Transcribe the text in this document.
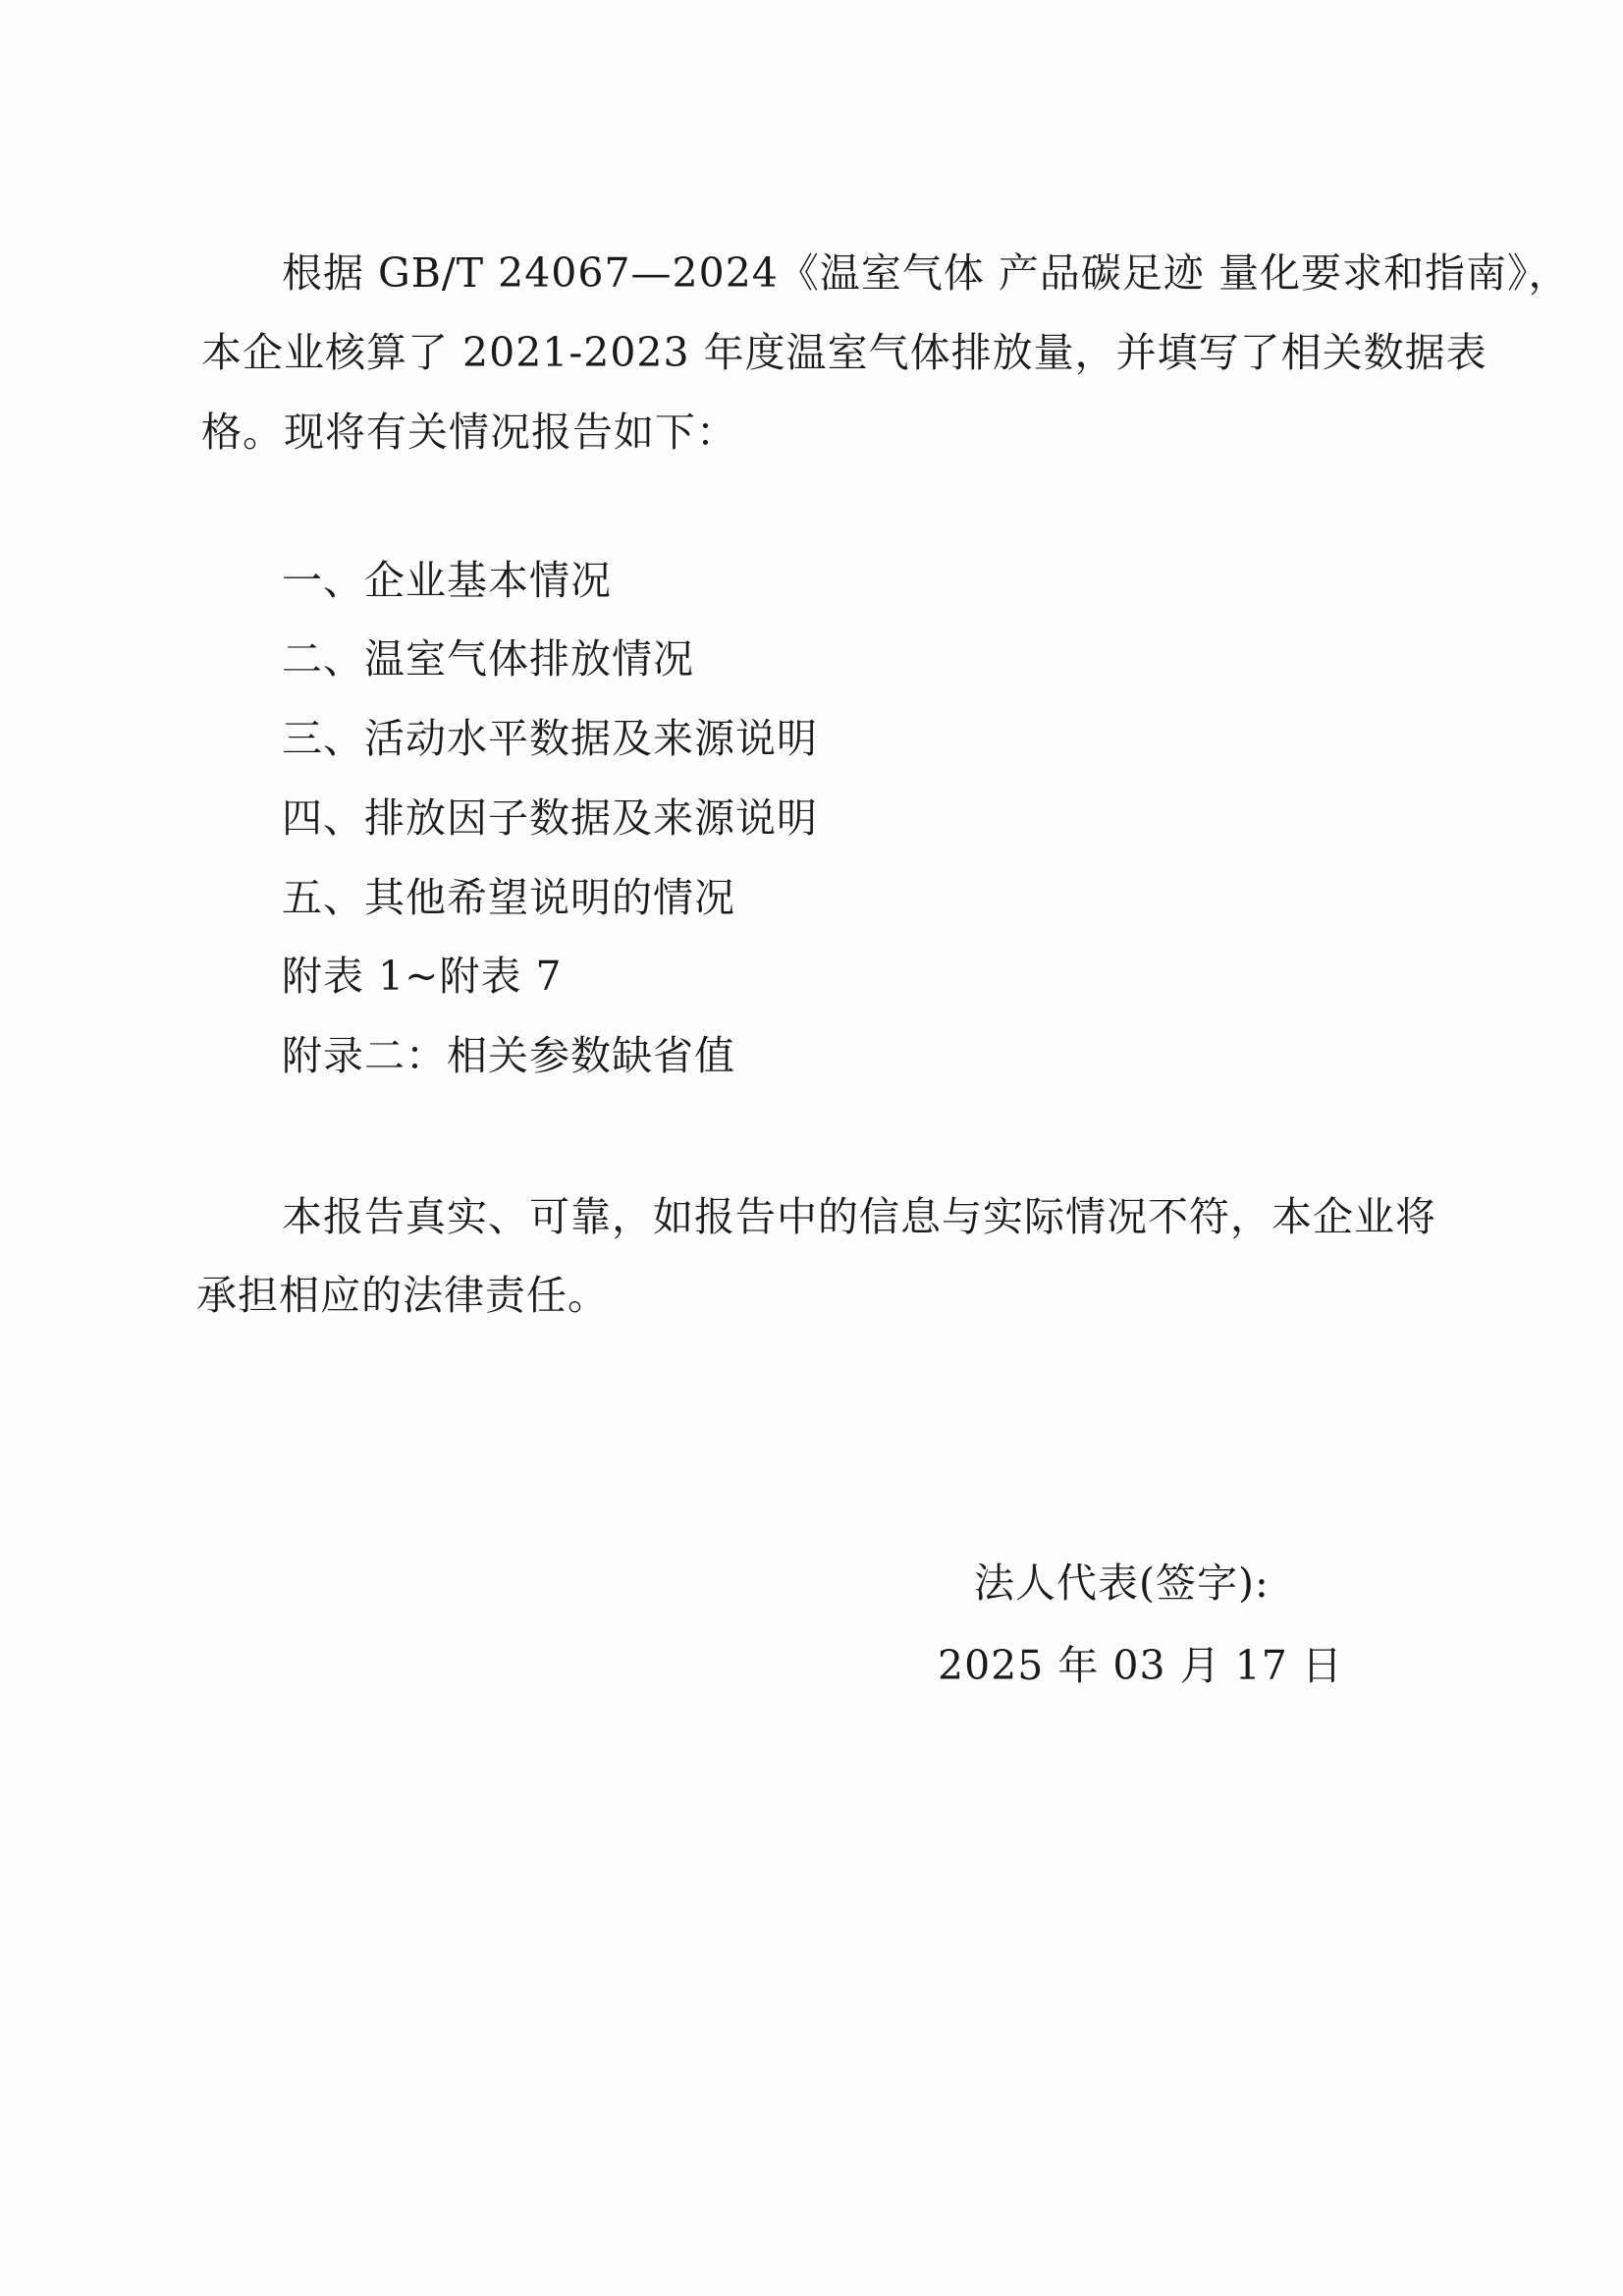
根据 GB/T 24067—2024《温室气体 产品碳足迹 量化要求和指南》，
本企业核算了 2021-2023 年度温室气体排放量，并填写了相关数据表
格。现将有关情况报告如下：
一、企业基本情况
二、温室气体排放情况
三、活动水平数据及来源说明
四、排放因子数据及来源说明
五、其他希望说明的情况
附表 1~附表 7
附录二：相关参数缺省值
本报告真实、可靠，如报告中的信息与实际情况不符，本企业将
承担相应的法律责任。
法人代表(签字):
2025 年 03 月 17 日
